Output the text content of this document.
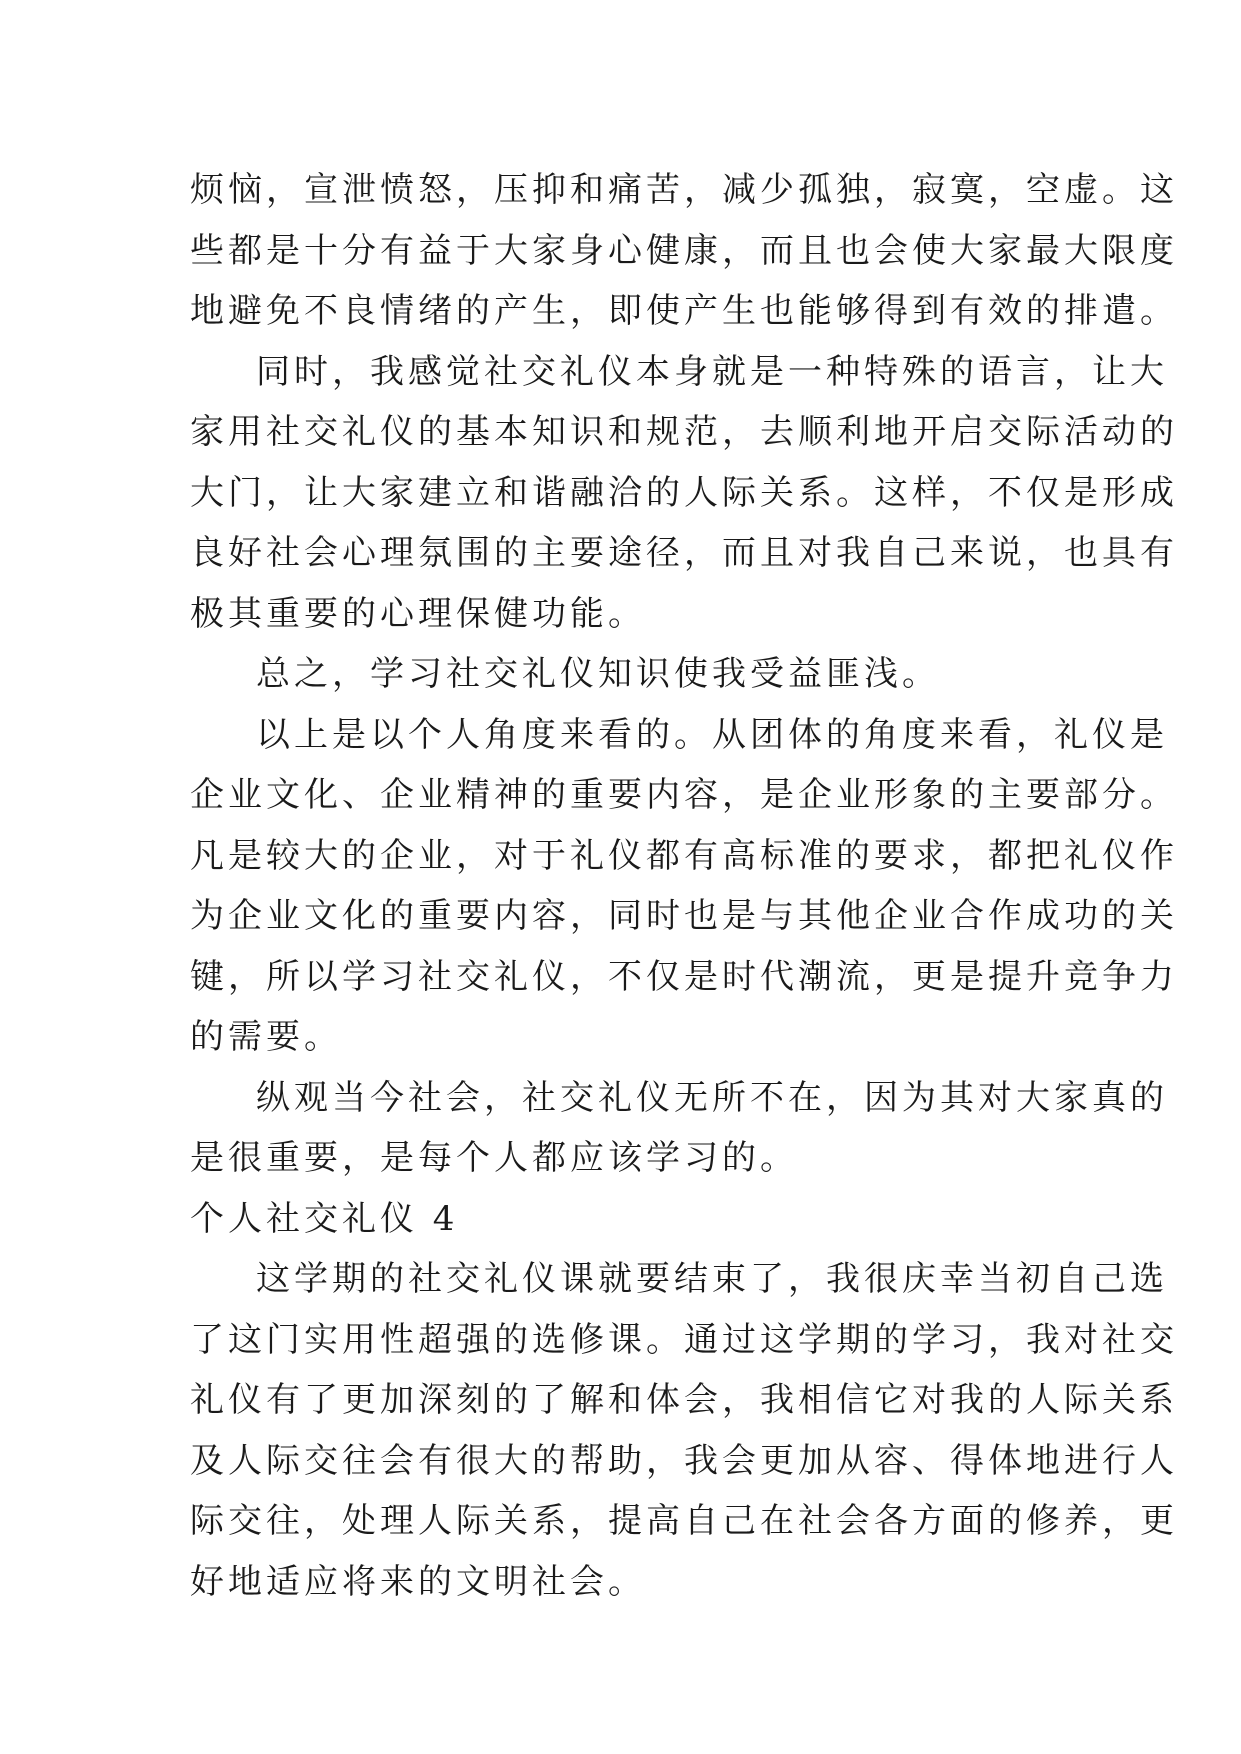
烦恼，宣泄愤怒，压抑和痛苦，减少孤独，寂寞，空虚。这
些都是十分有益于大家身心健康，而且也会使大家最大限度
地避免不良情绪的产生，即使产生也能够得到有效的排遣。
同时，我感觉社交礼仪本身就是一种特殊的语言，让大
家用社交礼仪的基本知识和规范，去顺利地开启交际活动的
大门，让大家建立和谐融洽的人际关系。这样，不仅是形成
良好社会心理氛围的主要途径，而且对我自己来说，也具有
极其重要的心理保健功能。
总之，学习社交礼仪知识使我受益匪浅。
以上是以个人角度来看的。从团体的角度来看，礼仪是
企业文化、企业精神的重要内容，是企业形象的主要部分。
凡是较大的企业，对于礼仪都有高标准的要求，都把礼仪作
为企业文化的重要内容，同时也是与其他企业合作成功的关
键，所以学习社交礼仪，不仅是时代潮流，更是提升竞争力
的需要。
纵观当今社会，社交礼仪无所不在，因为其对大家真的
是很重要，是每个人都应该学习的。
个人社交礼仪 4
这学期的社交礼仪课就要结束了，我很庆幸当初自己选
了这门实用性超强的选修课。通过这学期的学习，我对社交
礼仪有了更加深刻的了解和体会，我相信它对我的人际关系
及人际交往会有很大的帮助，我会更加从容、得体地进行人
际交往，处理人际关系，提高自己在社会各方面的修养，更
好地适应将来的文明社会。
